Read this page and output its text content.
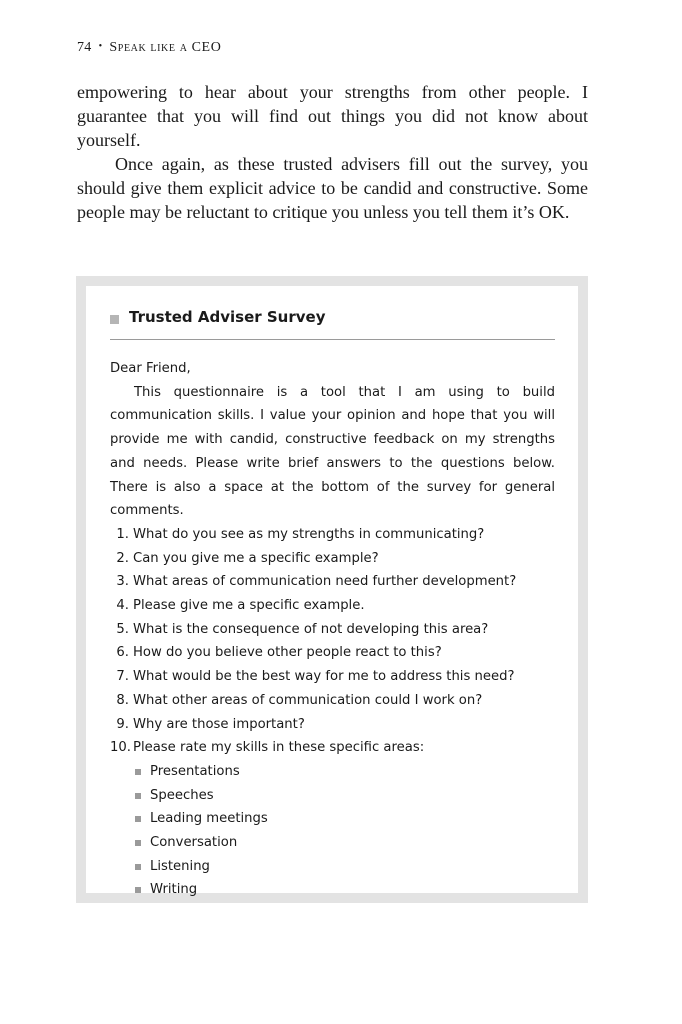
74 • Speak like a CEO

empowering to hear about your strengths from other people. I guarantee that you will find out things you did not know about yourself.

Once again, as these trusted advisers fill out the survey, you should give them explicit advice to be candid and constructive. Some people may be reluctant to critique you unless you tell them it’s OK.

Trusted Adviser Survey

Dear Friend,

This questionnaire is a tool that I am using to build communication skills. I value your opinion and hope that you will provide me with candid, constructive feedback on my strengths and needs. Please write brief answers to the questions below. There is also a space at the bottom of the survey for general comments.

1. What do you see as my strengths in communicating?
2. Can you give me a specific example?
3. What areas of communication need further development?
4. Please give me a specific example.
5. What is the consequence of not developing this area?
6. How do you believe other people react to this?
7. What would be the best way for me to address this need?
8. What other areas of communication could I work on?
9. Why are those important?
10. Please rate my skills in these specific areas:
Presentations
Speeches
Leading meetings
Conversation
Listening
Writing
